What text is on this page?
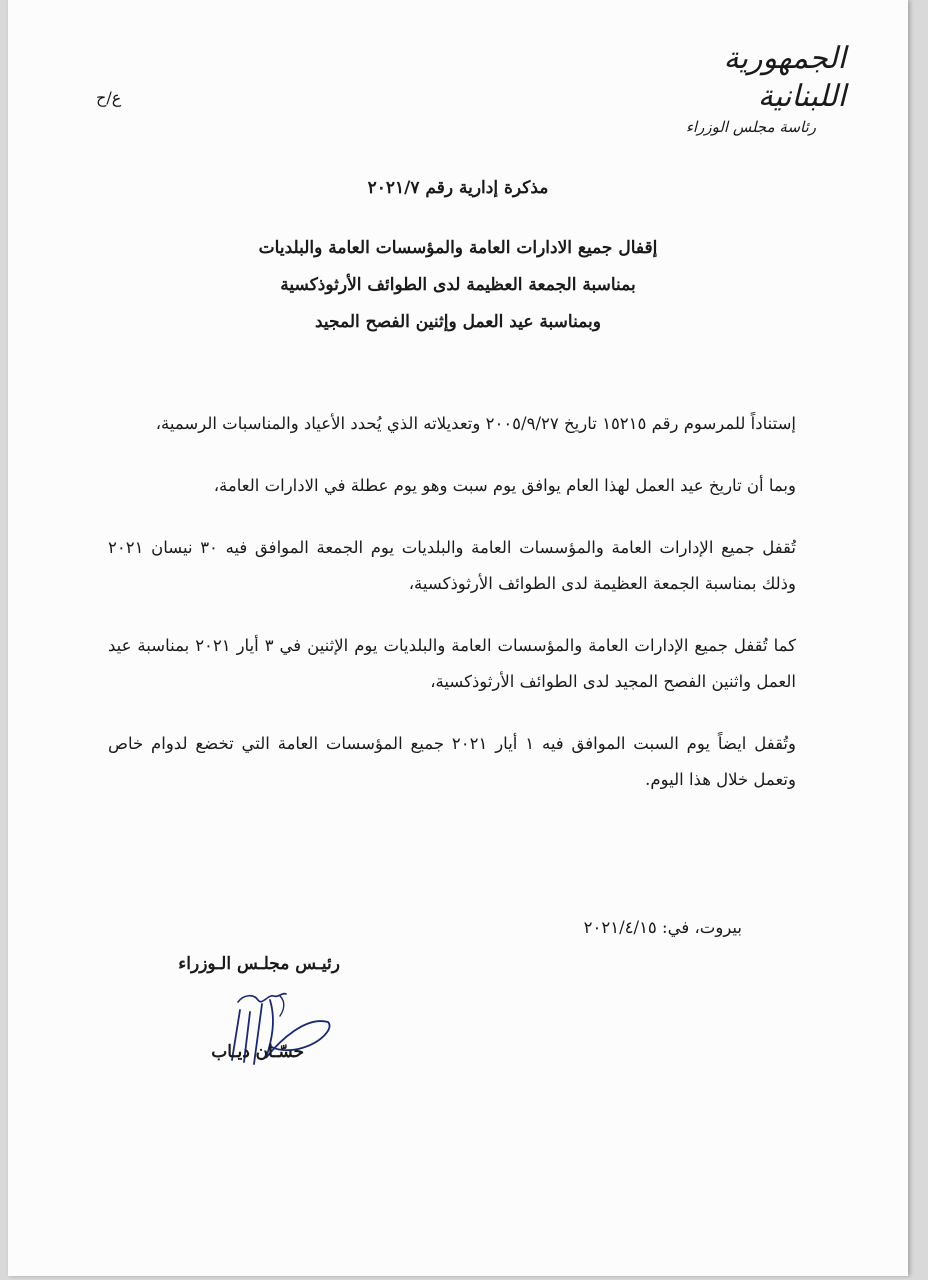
الجمهورية اللبنانية
رئاسة مجلس الوزراء
ع/ح
مذكرة إدارية رقم ٢٠٢١/٧
إقفال جميع الادارات العامة والمؤسسات العامة والبلديات
بمناسبة الجمعة العظيمة لدى الطوائف الأرثوذكسية
وبمناسبة عيد العمل وإثنين الفصح المجيد

إستناداً للمرسوم رقم ١٥٢١٥ تاريخ ٢٠٠٥/٩/٢٧ وتعديلاته الذي يُحدد الأعياد والمناسبات الرسمية،

وبما أن تاريخ عيد العمل لهذا العام يوافق يوم سبت وهو يوم عطلة في الادارات العامة،

تُقفل جميع الإدارات العامة والمؤسسات العامة والبلديات يوم الجمعة الموافق فيه ٣٠ نيسان ٢٠٢١ وذلك بمناسبة الجمعة العظيمة لدى الطوائف الأرثوذكسية،

كما تُقفل جميع الإدارات العامة والمؤسسات العامة والبلديات يوم الإثنين في ٣ أيار ٢٠٢١ بمناسبة عيد العمل واثنين الفصح المجيد لدى الطوائف الأرثوذكسية،

وتُقفل ايضاً يوم السبت الموافق فيه ١ أيار ٢٠٢١ جميع المؤسسات العامة التي تخضع لدوام خاص وتعمل خلال هذا اليوم.

بيروت، في: ٢٠٢١/٤/١٥
رئيـس مجلـس الـوزراء
حسّـان ديـاب
